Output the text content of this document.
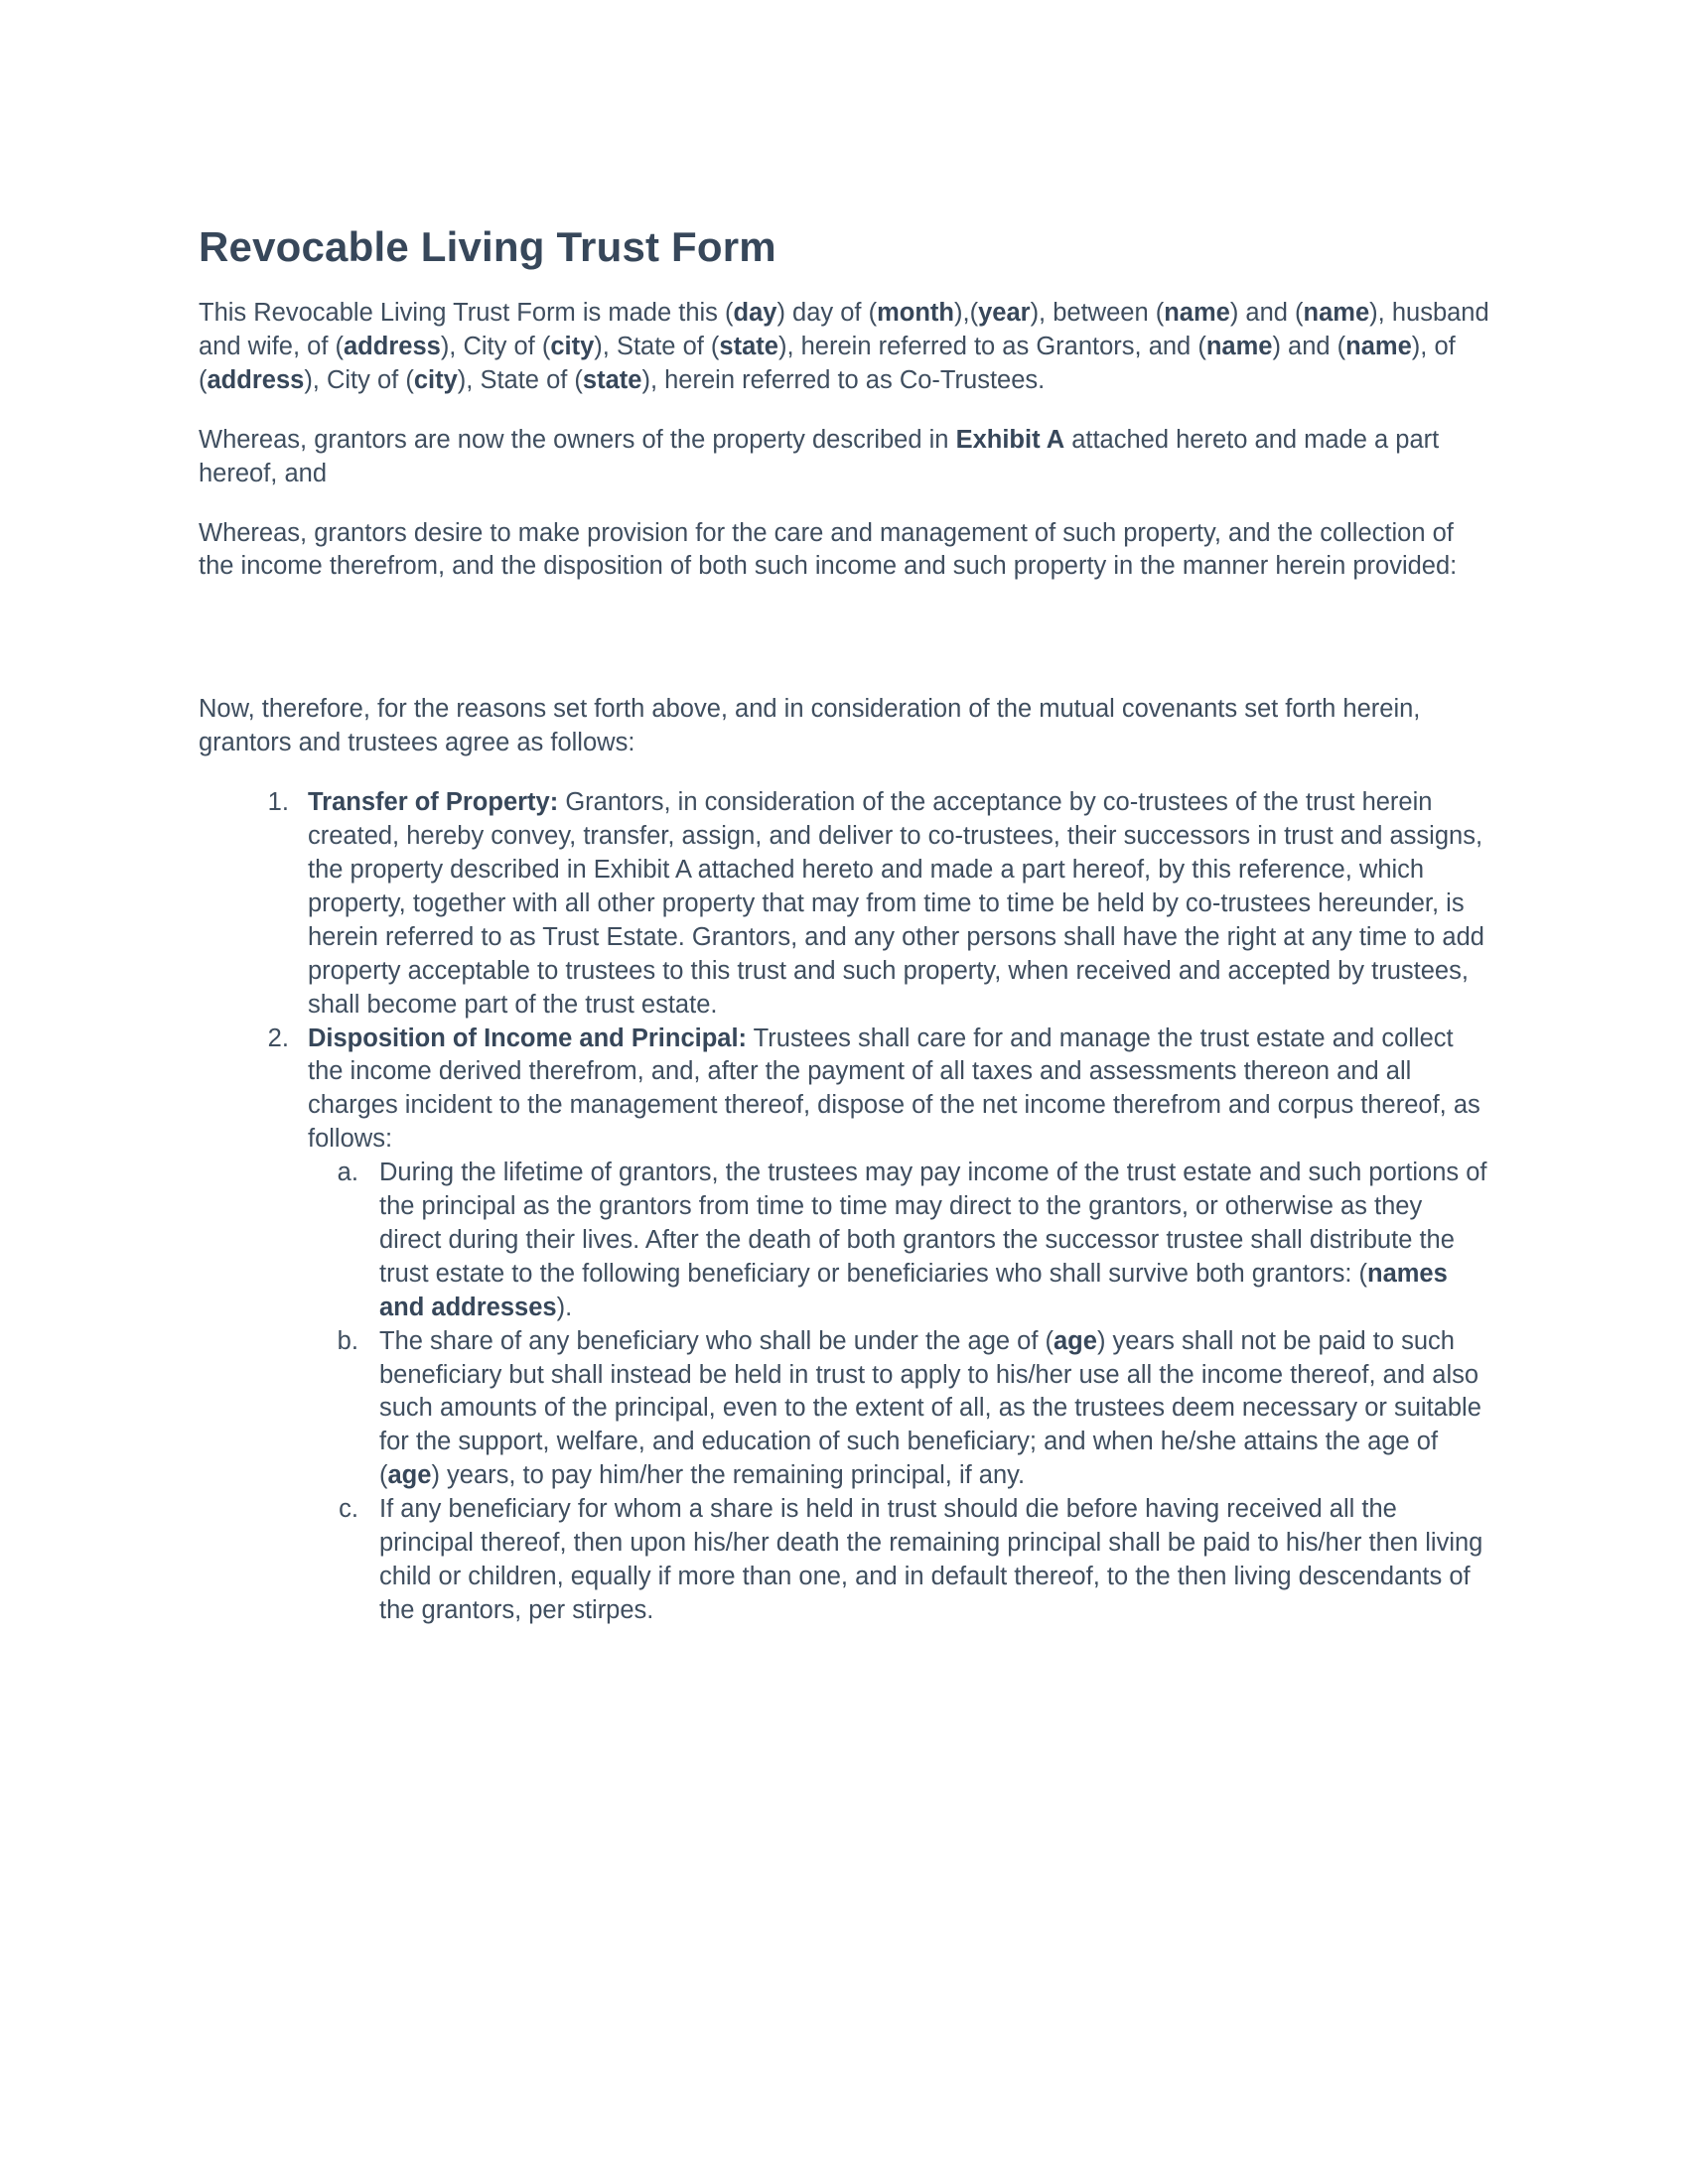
Revocable Living Trust Form

This Revocable Living Trust Form is made this (day) day of (month),(year), between (name) and (name), husband and wife, of (address), City of (city), State of (state), herein referred to as Grantors, and (name) and (name), of (address), City of (city), State of (state), herein referred to as Co-Trustees.

Whereas, grantors are now the owners of the property described in Exhibit A attached hereto and made a part hereof, and

Whereas, grantors desire to make provision for the care and management of such property, and the collection of the income therefrom, and the disposition of both such income and such property in the manner herein provided:

Now, therefore, for the reasons set forth above, and in consideration of the mutual covenants set forth herein, grantors and trustees agree as follows:

1. Transfer of Property: Grantors, in consideration of the acceptance by co-trustees of the trust herein created, hereby convey, transfer, assign, and deliver to co-trustees, their successors in trust and assigns, the property described in Exhibit A attached hereto and made a part hereof, by this reference, which property, together with all other property that may from time to time be held by co-trustees hereunder, is herein referred to as Trust Estate. Grantors, and any other persons shall have the right at any time to add property acceptable to trustees to this trust and such property, when received and accepted by trustees, shall become part of the trust estate.
2. Disposition of Income and Principal: Trustees shall care for and manage the trust estate and collect the income derived therefrom, and, after the payment of all taxes and assessments thereon and all charges incident to the management thereof, dispose of the net income therefrom and corpus thereof, as follows:
a. During the lifetime of grantors, the trustees may pay income of the trust estate and such portions of the principal as the grantors from time to time may direct to the grantors, or otherwise as they direct during their lives. After the death of both grantors the successor trustee shall distribute the trust estate to the following beneficiary or beneficiaries who shall survive both grantors: (names and addresses).
b. The share of any beneficiary who shall be under the age of (age) years shall not be paid to such beneficiary but shall instead be held in trust to apply to his/her use all the income thereof, and also such amounts of the principal, even to the extent of all, as the trustees deem necessary or suitable for the support, welfare, and education of such beneficiary; and when he/she attains the age of (age) years, to pay him/her the remaining principal, if any.
c. If any beneficiary for whom a share is held in trust should die before having received all the principal thereof, then upon his/her death the remaining principal shall be paid to his/her then living child or children, equally if more than one, and in default thereof, to the then living descendants of the grantors, per stirpes.
